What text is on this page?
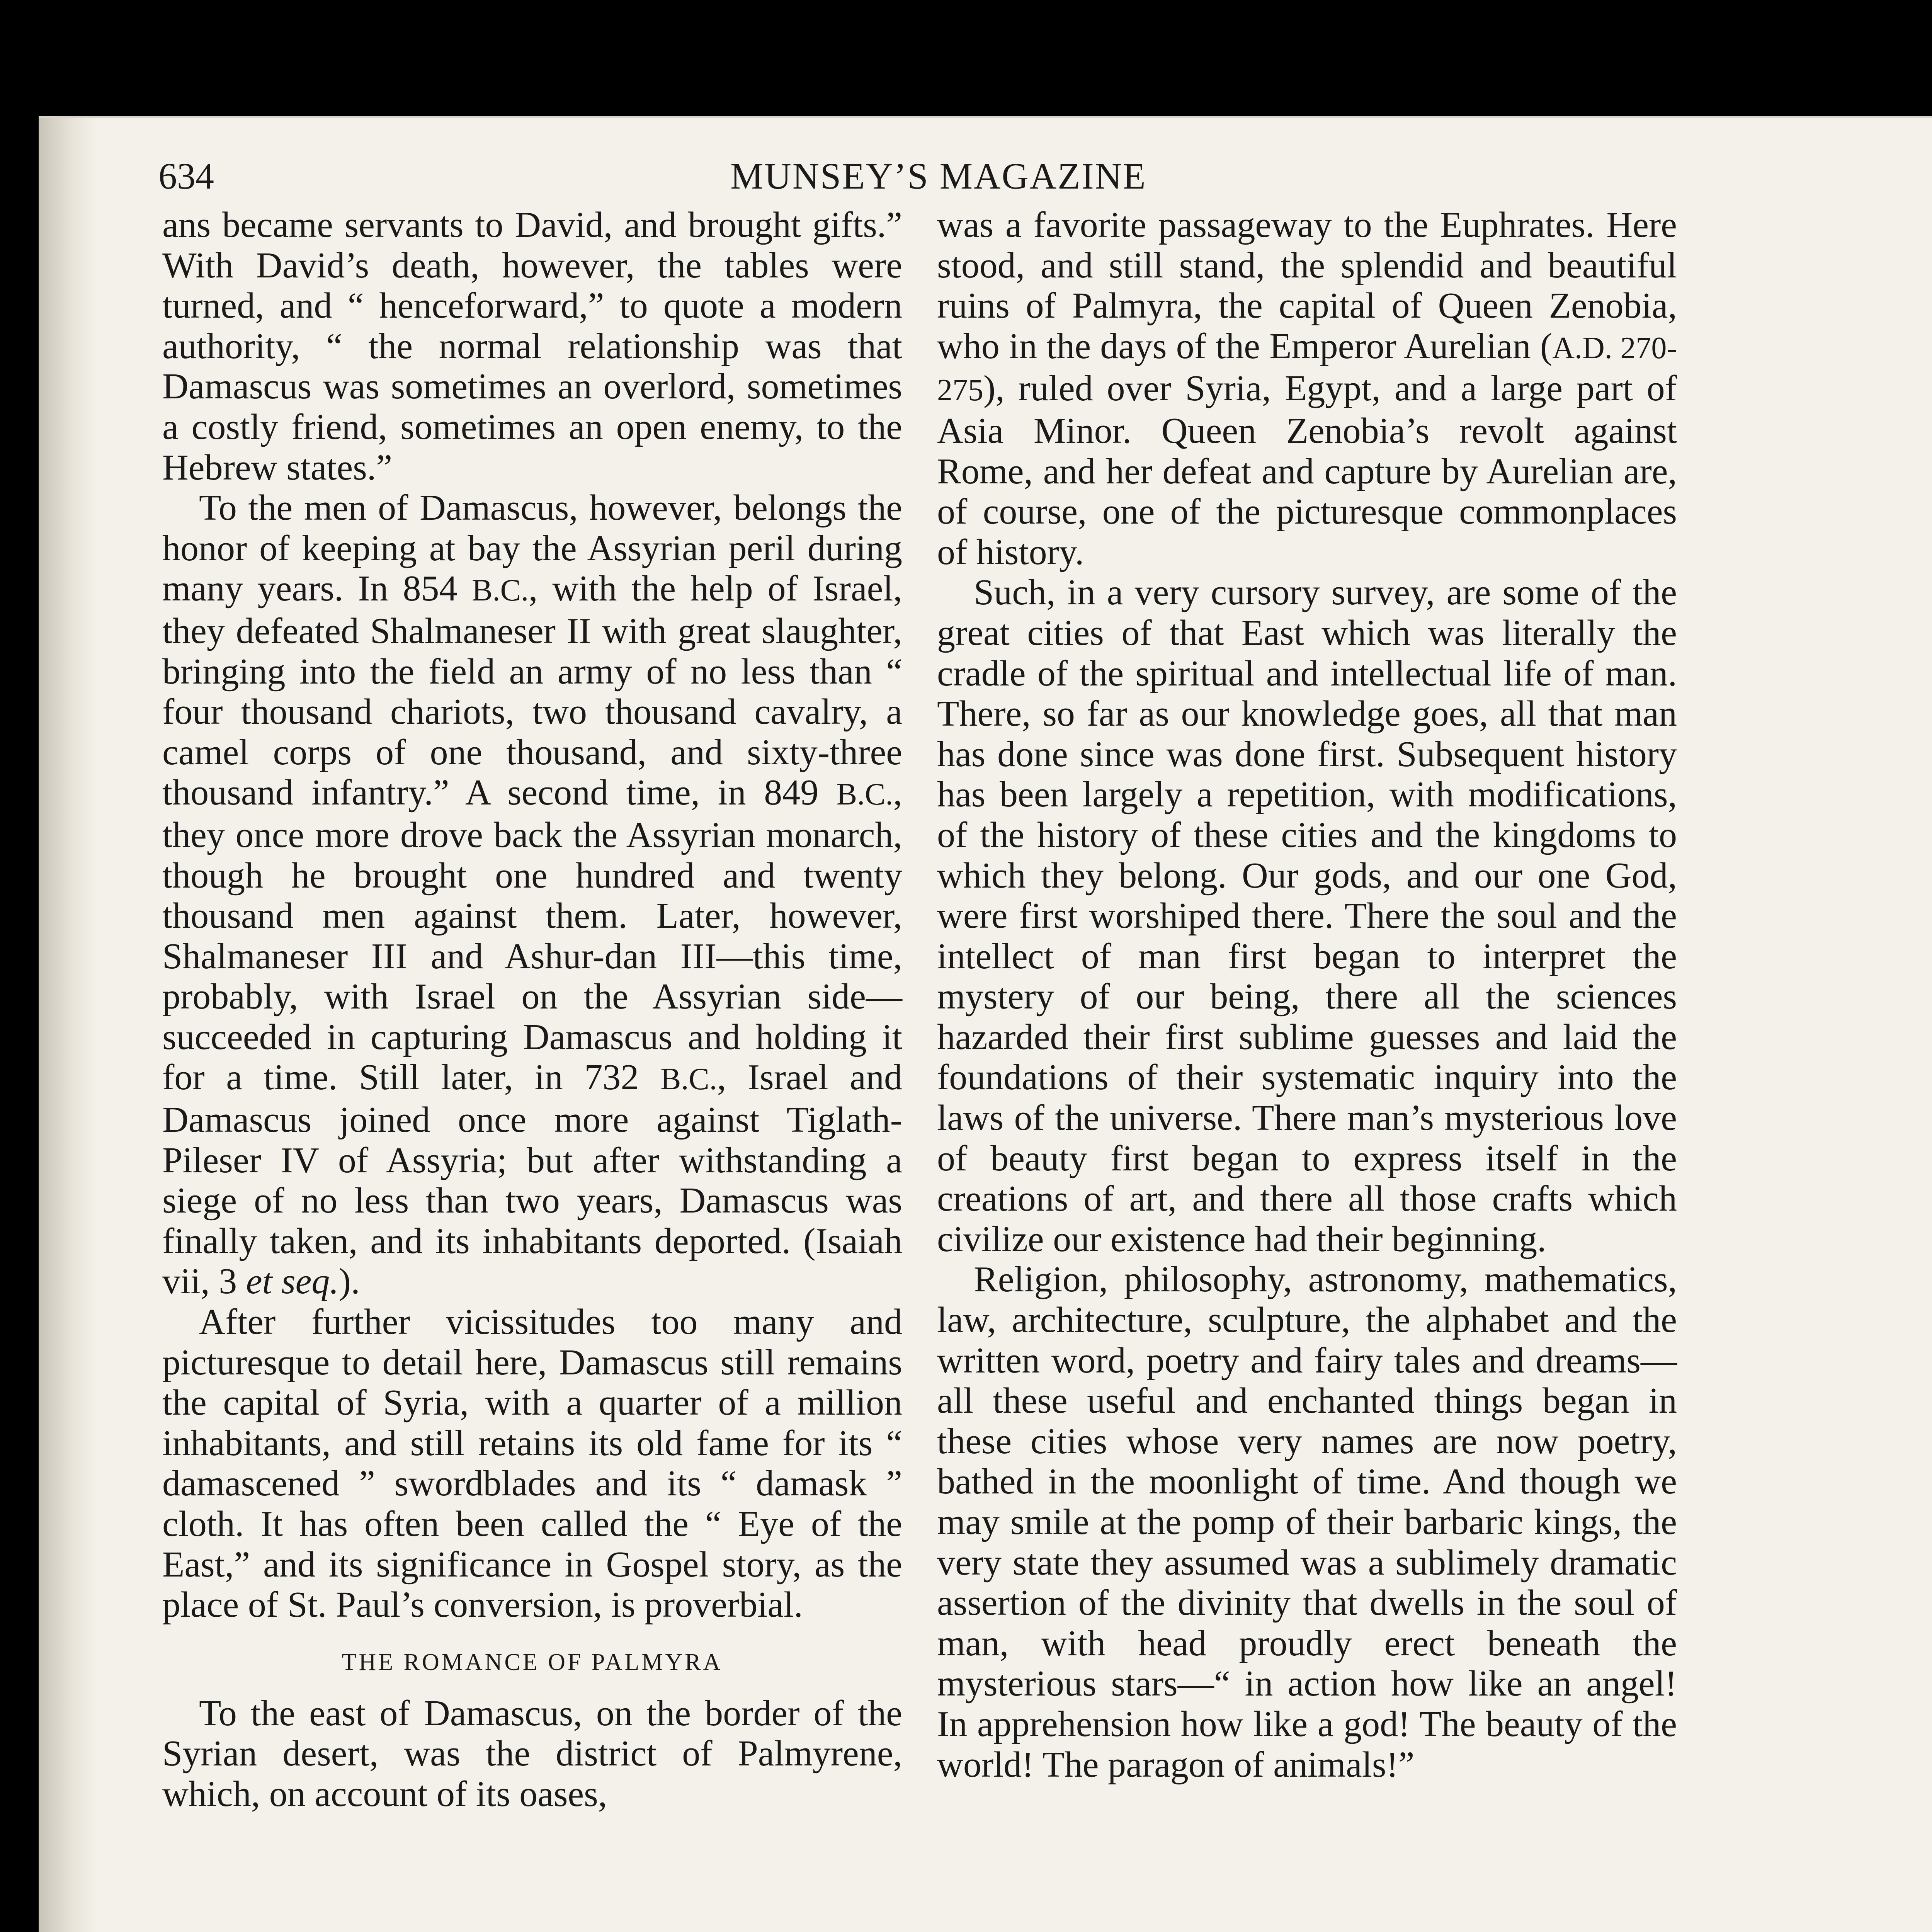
634	MUNSEY’S MAGAZINE

ans became servants to David, and brought gifts.” With David’s death, however, the tables were turned, and “ henceforward,” to quote a modern authority, “ the normal relationship was that Damascus was sometimes an overlord, sometimes a costly friend, sometimes an open enemy, to the Hebrew states.”

To the men of Damascus, however, belongs the honor of keeping at bay the Assyrian peril during many years. In 854 B.C., with the help of Israel, they defeated Shalmaneser II with great slaughter, bringing into the field an army of no less than “ four thousand chariots, two thousand cavalry, a camel corps of one thousand, and sixty-three thousand infantry.” A second time, in 849 B.C., they once more drove back the Assyrian monarch, though he brought one hundred and twenty thousand men against them. Later, however, Shalmaneser III and Ashur-dan III—this time, probably, with Israel on the Assyrian side—succeeded in capturing Damascus and holding it for a time. Still later, in 732 B.C., Israel and Damascus joined once more against Tiglath-Pileser IV of Assyria; but after withstanding a siege of no less than two years, Damascus was finally taken, and its inhabitants deported. (Isaiah vii, 3 et seq.).

After further vicissitudes too many and picturesque to detail here, Damascus still remains the capital of Syria, with a quarter of a million inhabitants, and still retains its old fame for its “ damascened ” swordblades and its “ damask ” cloth. It has often been called the “ Eye of the East,” and its significance in Gospel story, as the place of St. Paul’s conversion, is proverbial.

THE ROMANCE OF PALMYRA

To the east of Damascus, on the border of the Syrian desert, was the district of Palmyrene, which, on account of its oases,

was a favorite passageway to the Euphrates. Here stood, and still stand, the splendid and beautiful ruins of Palmyra, the capital of Queen Zenobia, who in the days of the Emperor Aurelian (A.D. 270-275), ruled over Syria, Egypt, and a large part of Asia Minor. Queen Zenobia’s revolt against Rome, and her defeat and capture by Aurelian are, of course, one of the picturesque commonplaces of history.

Such, in a very cursory survey, are some of the great cities of that East which was literally the cradle of the spiritual and intellectual life of man. There, so far as our knowledge goes, all that man has done since was done first. Subsequent history has been largely a repetition, with modifications, of the history of these cities and the kingdoms to which they belong. Our gods, and our one God, were first worshiped there. There the soul and the intellect of man first began to interpret the mystery of our being, there all the sciences hazarded their first sublime guesses and laid the foundations of their systematic inquiry into the laws of the universe. There man’s mysterious love of beauty first began to express itself in the creations of art, and there all those crafts which civilize our existence had their beginning.

Religion, philosophy, astronomy, mathematics, law, architecture, sculpture, the alphabet and the written word, poetry and fairy tales and dreams—all these useful and enchanted things began in these cities whose very names are now poetry, bathed in the moonlight of time. And though we may smile at the pomp of their barbaric kings, the very state they assumed was a sublimely dramatic assertion of the divinity that dwells in the soul of man, with head proudly erect beneath the mysterious stars—“ in action how like an angel! In apprehension how like a god! The beauty of the world! The paragon of animals!”
